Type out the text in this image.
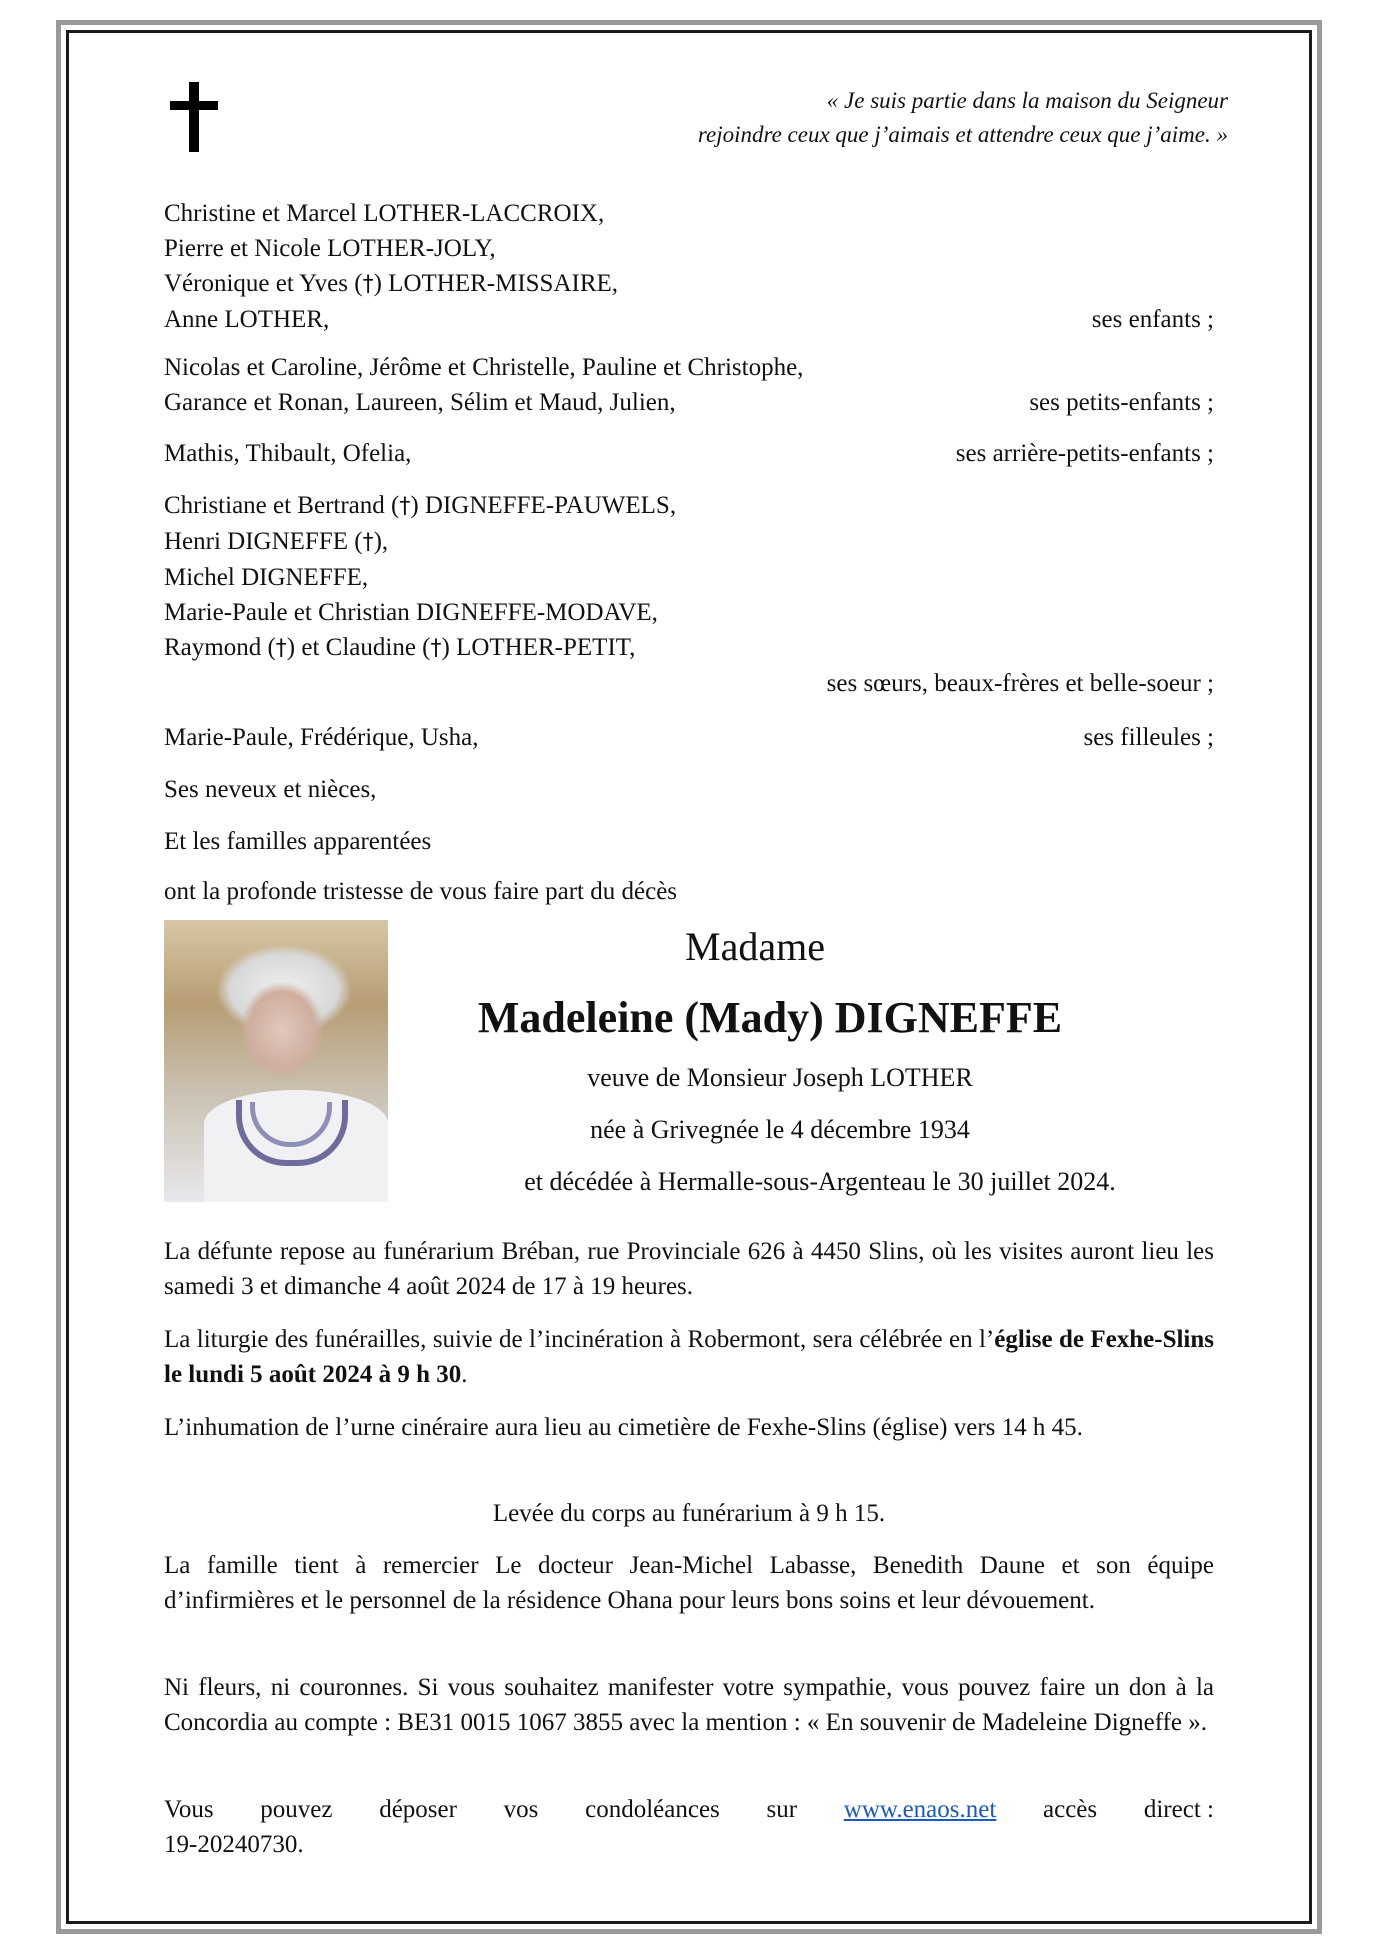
« Je suis partie dans la maison du Seigneur
rejoindre ceux que j’aimais et attendre ceux que j’aime. »
Christine et Marcel LOTHER-LACCROIX,
Pierre et Nicole LOTHER-JOLY,
Véronique et Yves (†) LOTHER-MISSAIRE,
Anne LOTHER,	ses enfants ;
Nicolas et Caroline, Jérôme et Christelle, Pauline et Christophe,
Garance et Ronan, Laureen, Sélim et Maud, Julien,	ses petits-enfants ;
Mathis, Thibault, Ofelia,	ses arrière-petits-enfants ;
Christiane et Bertrand (†) DIGNEFFE-PAUWELS,
Henri DIGNEFFE (†),
Michel DIGNEFFE,
Marie-Paule et Christian DIGNEFFE-MODAVE,
Raymond (†) et Claudine (†) LOTHER-PETIT,
ses sœurs, beaux-frères et belle-soeur ;
Marie-Paule, Frédérique, Usha,	ses filleules ;
Ses neveux et nièces,
Et les familles apparentées
ont la profonde tristesse de vous faire part du décès
Madame
Madeleine (Mady) DIGNEFFE
veuve de Monsieur Joseph LOTHER
née à Grivegnée le 4 décembre 1934
et décédée à Hermalle-sous-Argenteau le 30 juillet 2024.
La défunte repose au funérarium Bréban, rue Provinciale 626 à 4450 Slins, où les visites auront lieu les samedi 3 et dimanche 4 août 2024 de 17 à 19 heures.
La liturgie des funérailles, suivie de l’incinération à Robermont, sera célébrée en l’église de Fexhe-Slins le lundi 5 août 2024 à 9 h 30.
L’inhumation de l’urne cinéraire aura lieu au cimetière de Fexhe-Slins (église) vers 14 h 45.
Levée du corps au funérarium à 9 h 15.
La famille tient à remercier Le docteur Jean-Michel Labasse, Benedith Daune et son équipe d’infirmières et le personnel de la résidence Ohana pour leurs bons soins et leur dévouement.
Ni fleurs, ni couronnes. Si vous souhaitez manifester votre sympathie, vous pouvez faire un don à la Concordia au compte : BE31 0015 1067 3855 avec la mention : « En souvenir de Madeleine Digneffe ».
Vous pouvez déposer vos condoléances sur www.enaos.net accès direct :
19-20240730.
